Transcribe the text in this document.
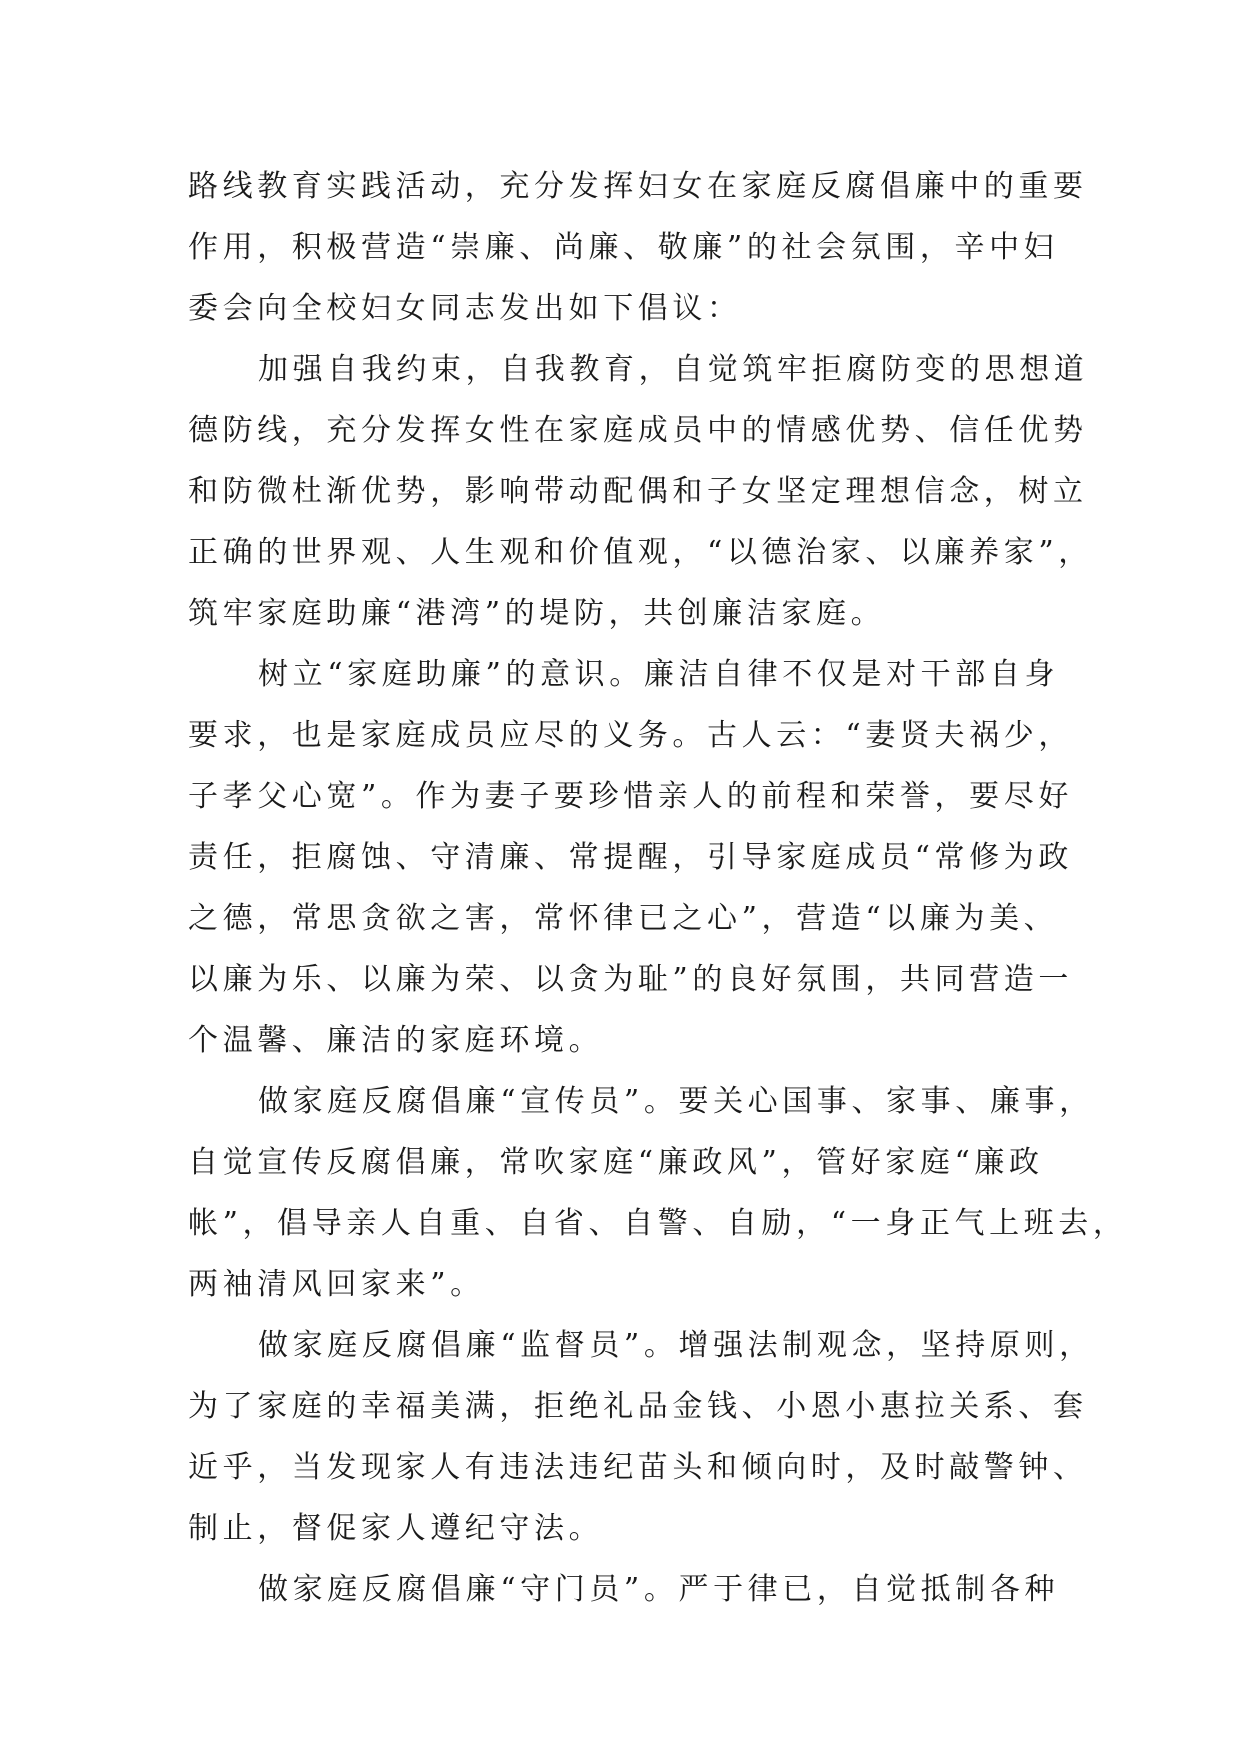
路线教育实践活动，充分发挥妇女在家庭反腐倡廉中的重要
作用，积极营造“崇廉、尚廉、敬廉”的社会氛围，辛中妇
委会向全校妇女同志发出如下倡议：
加强自我约束，自我教育，自觉筑牢拒腐防变的思想道
德防线，充分发挥女性在家庭成员中的情感优势、信任优势
和防微杜渐优势，影响带动配偶和子女坚定理想信念，树立
正确的世界观、人生观和价值观，“以德治家、以廉养家”，
筑牢家庭助廉“港湾”的堤防，共创廉洁家庭。
树立“家庭助廉”的意识。廉洁自律不仅是对干部自身
要求，也是家庭成员应尽的义务。古人云：“妻贤夫祸少，
子孝父心宽”。作为妻子要珍惜亲人的前程和荣誉，要尽好
责任，拒腐蚀、守清廉、常提醒，引导家庭成员“常修为政
之德，常思贪欲之害，常怀律已之心”，营造“以廉为美、
以廉为乐、以廉为荣、以贪为耻”的良好氛围，共同营造一
个温馨、廉洁的家庭环境。
做家庭反腐倡廉“宣传员”。要关心国事、家事、廉事，
自觉宣传反腐倡廉，常吹家庭“廉政风”，管好家庭“廉政
帐”，倡导亲人自重、自省、自警、自励，“一身正气上班去，
两袖清风回家来”。
做家庭反腐倡廉“监督员”。增强法制观念，坚持原则，
为了家庭的幸福美满，拒绝礼品金钱、小恩小惠拉关系、套
近乎，当发现家人有违法违纪苗头和倾向时，及时敲警钟、
制止，督促家人遵纪守法。
做家庭反腐倡廉“守门员”。严于律已，自觉抵制各种
